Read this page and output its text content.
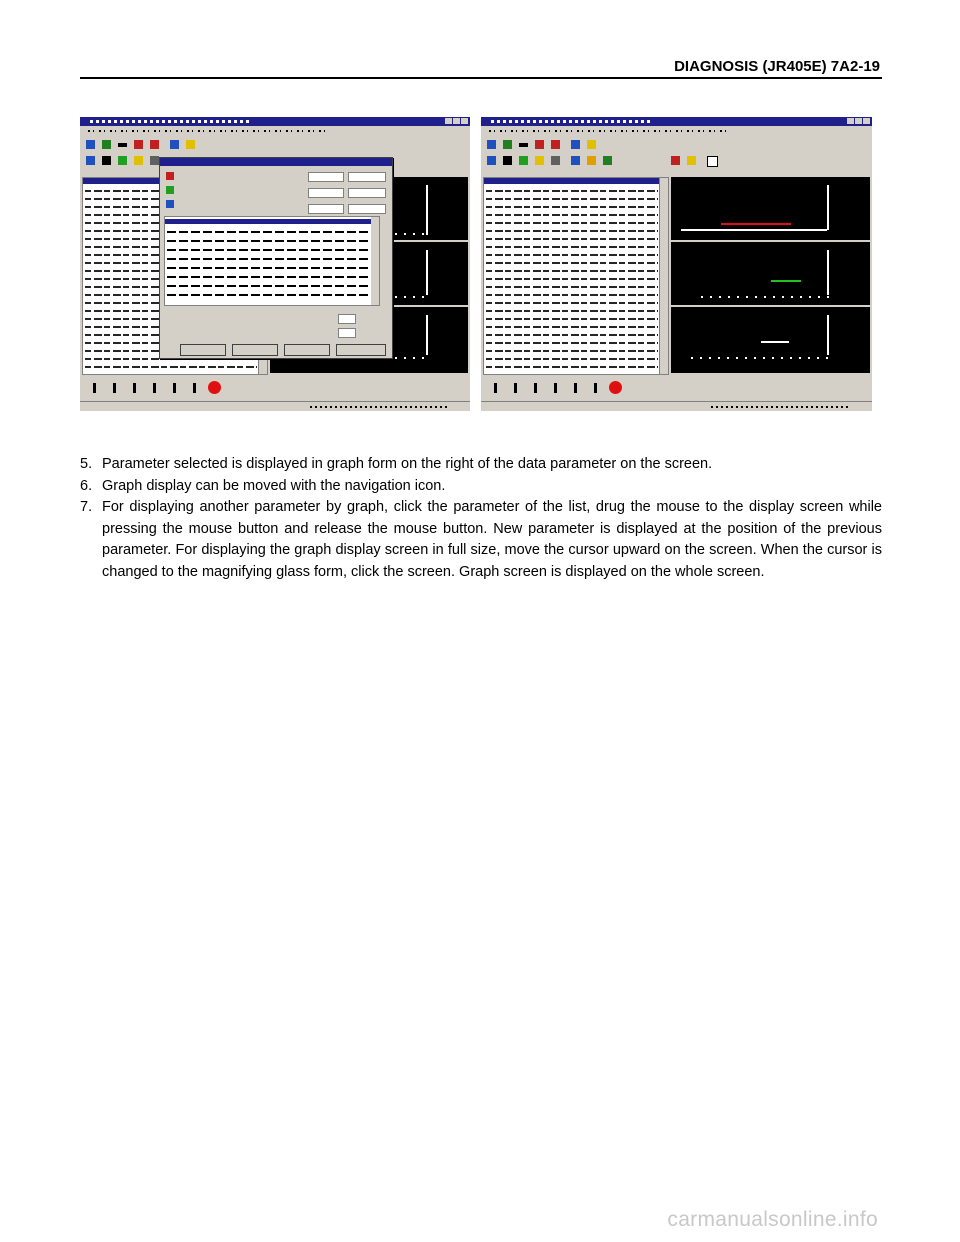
DIAGNOSIS (JR405E) 7A2-19
5. Parameter selected is displayed in graph form on the right of the data parameter on the screen.
6. Graph display can be moved with the navigation icon.
7. For displaying another parameter by graph, click the parameter of the list, drug the mouse to the display screen while pressing the mouse button and release the mouse button. New parameter is displayed at the position of the previous parameter. For displaying the graph display screen in full size, move the cursor upward on the screen. When the cursor is changed to the magnifying glass form, click the screen. Graph screen is displayed on the whole screen.
carmanualsonline.info
